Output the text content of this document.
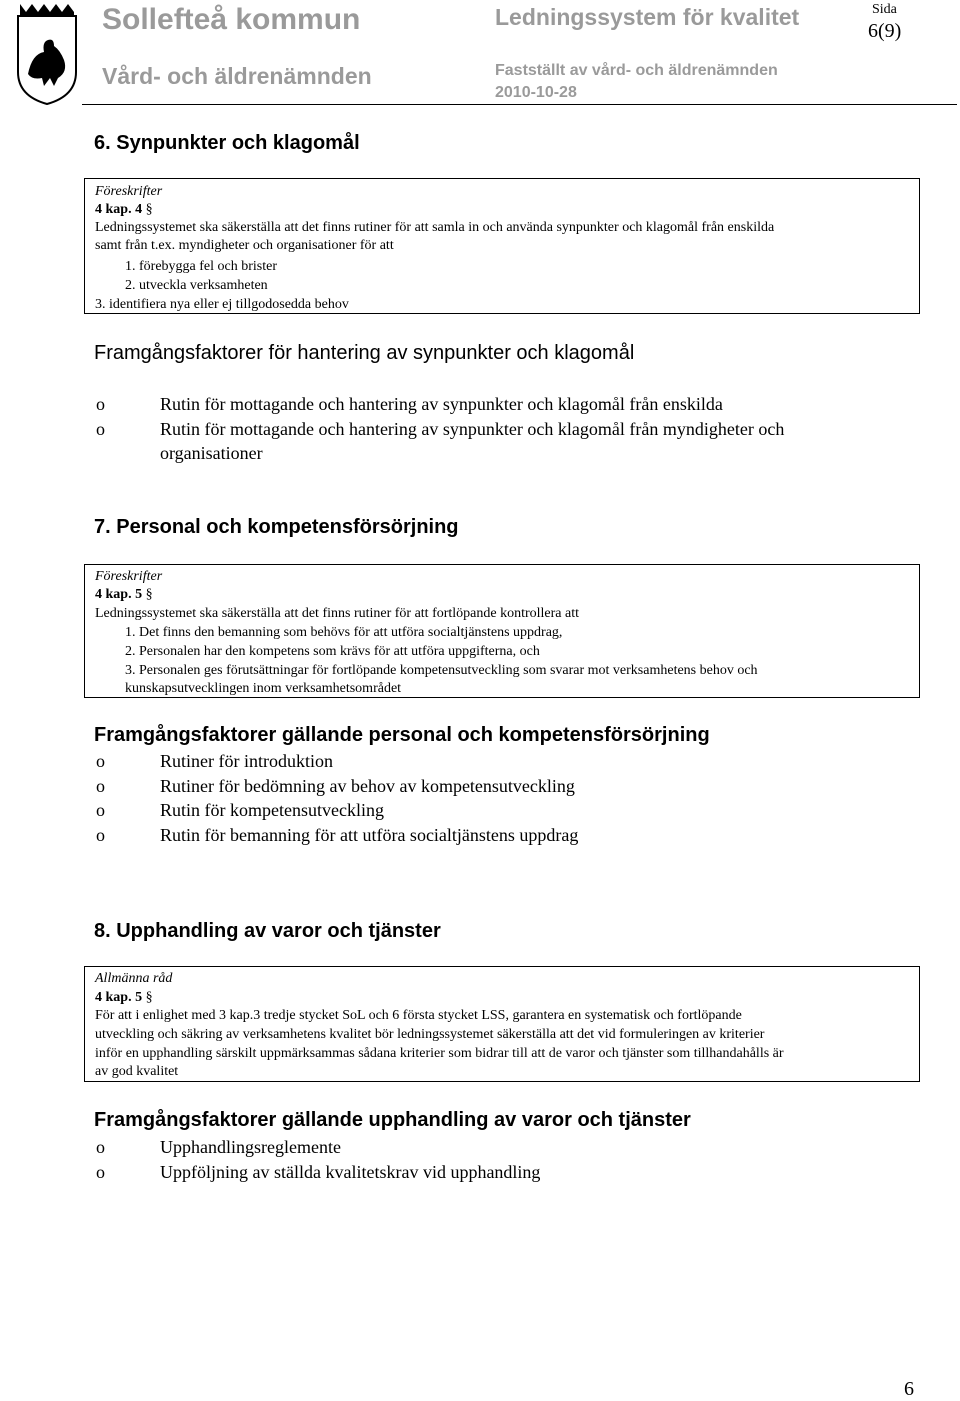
Sollefteå kommun
Vård- och äldrenämnden
Ledningssystem för kvalitet
Fastställt av vård- och äldrenämnden
2010-10-28
Sida
6(9)
6. Synpunkter och klagomål
Föreskrifter
4 kap. 4 §
Ledningssystemet ska säkerställa att det finns rutiner för att samla in och använda synpunkter och klagomål från enskilda
samt från t.ex. myndigheter och organisationer för att
1. förebygga fel och brister
2. utveckla verksamheten
3. identifiera nya eller ej tillgodosedda behov
Framgångsfaktorer för hantering av synpunkter och klagomål
o	Rutin för mottagande och hantering av synpunkter och klagomål från enskilda
o	Rutin för mottagande och hantering av synpunkter och klagomål från myndigheter och
organisationer
7. Personal och kompetensförsörjning
Föreskrifter
4 kap. 5 §
Ledningssystemet ska säkerställa att det finns rutiner för att fortlöpande kontrollera att
1. Det finns den bemanning som behövs för att utföra socialtjänstens uppdrag,
2. Personalen har den kompetens som krävs för att utföra uppgifterna, och
3. Personalen ges förutsättningar för fortlöpande kompetensutveckling som svarar mot verksamhetens behov och
kunskapsutvecklingen inom verksamhetsområdet
Framgångsfaktorer gällande personal och kompetensförsörjning
o	Rutiner för introduktion
o	Rutiner för bedömning av behov av kompetensutveckling
o	Rutin för kompetensutveckling
o	Rutin för bemanning för att utföra socialtjänstens uppdrag
8. Upphandling av varor och tjänster
Allmänna råd
4 kap. 5 §
För att i enlighet med 3 kap.3 tredje stycket SoL och 6 första stycket LSS, garantera en systematisk och fortlöpande
utveckling och säkring av verksamhetens kvalitet bör ledningssystemet säkerställa att det vid formuleringen av kriterier
inför en upphandling särskilt uppmärksammas sådana kriterier som bidrar till att de varor och tjänster som tillhandahålls är
av god kvalitet
Framgångsfaktorer gällande upphandling av varor och tjänster
o	Upphandlingsreglemente
o	Uppföljning av ställda kvalitetskrav vid upphandling
6
